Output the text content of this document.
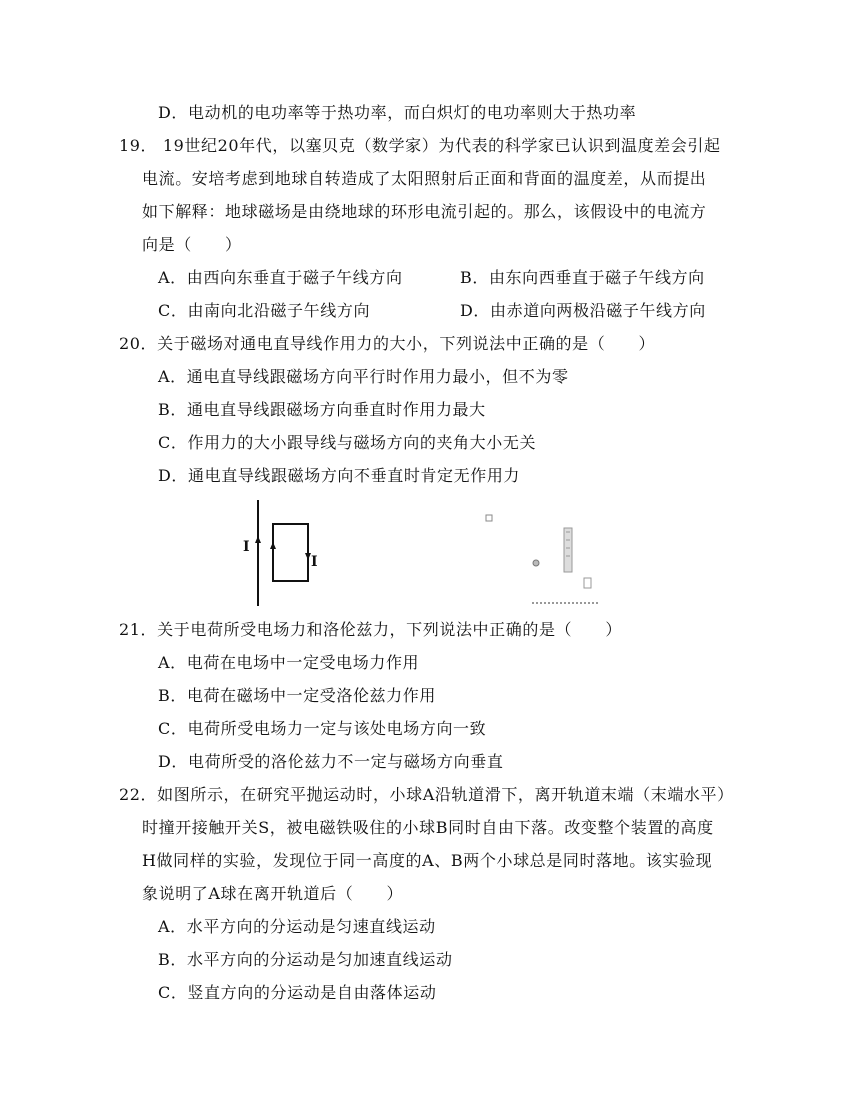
D．电动机的电功率等于热功率，而白炽灯的电功率则大于热功率
19． 19世纪20年代，以塞贝克（数学家）为代表的科学家已认识到温度差会引起
电流。安培考虑到地球自转造成了太阳照射后正面和背面的温度差，从而提出
如下解释：地球磁场是由绕地球的环形电流引起的。那么，该假设中的电流方
向是（　　）
A．由西向东垂直于磁子午线方向	B．由东向西垂直于磁子午线方向
C．由南向北沿磁子午线方向	D．由赤道向两极沿磁子午线方向
20．关于磁场对通电直导线作用力的大小，下列说法中正确的是（　　）
A．通电直导线跟磁场方向平行时作用力最小，但不为零
B．通电直导线跟磁场方向垂直时作用力最大
C．作用力的大小跟导线与磁场方向的夹角大小无关
D．通电直导线跟磁场方向不垂直时肯定无作用力
21．关于电荷所受电场力和洛伦兹力，下列说法中正确的是（　　）
A．电荷在电场中一定受电场力作用
B．电荷在磁场中一定受洛伦兹力作用
C．电荷所受电场力一定与该处电场方向一致
D．电荷所受的洛伦兹力不一定与磁场方向垂直
22．如图所示，在研究平抛运动时，小球A沿轨道滑下，离开轨道末端（末端水平）
时撞开接触开关S，被电磁铁吸住的小球B同时自由下落。改变整个装置的高度
H做同样的实验，发现位于同一高度的A、B两个小球总是同时落地。该实验现
象说明了A球在离开轨道后（　　）
A．水平方向的分运动是匀速直线运动
B．水平方向的分运动是匀加速直线运动
C．竖直方向的分运动是自由落体运动
I
I
